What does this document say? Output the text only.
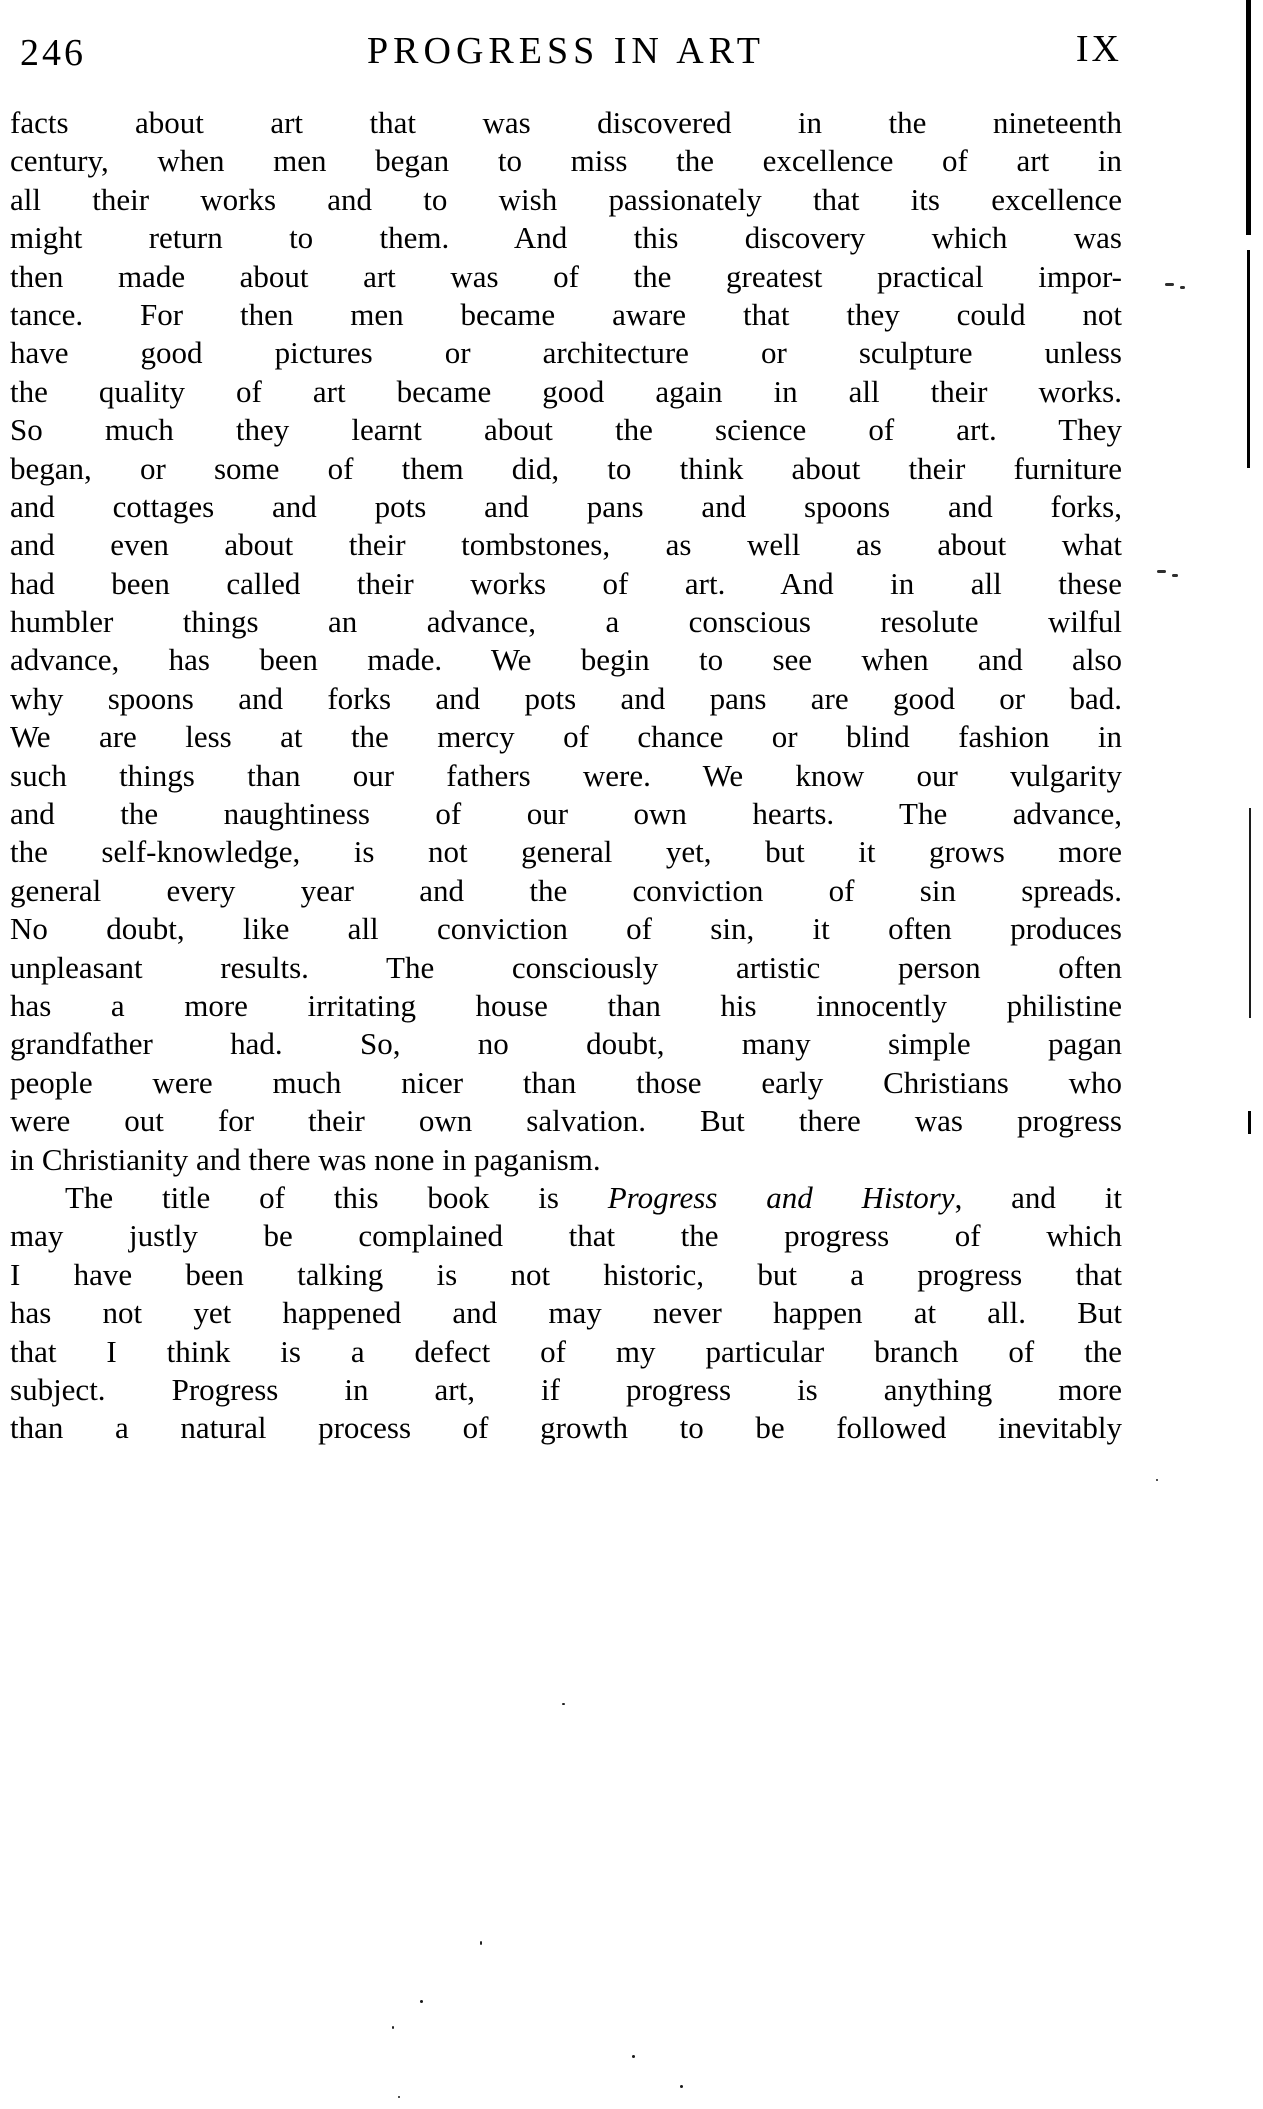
246	PROGRESS IN ART	IX
facts about art that was discovered in the nineteenth
century, when men began to miss the excellence of art in
all their works and to wish passionately that its excellence
might return to them. And this discovery which was
then made about art was of the greatest practical impor-
tance. For then men became aware that they could not
have good pictures or architecture or sculpture unless
the quality of art became good again in all their works.
So much they learnt about the science of art. They
began, or some of them did, to think about their furniture
and cottages and pots and pans and spoons and forks,
and even about their tombstones, as well as about what
had been called their works of art. And in all these
humbler things an advance, a conscious resolute wilful
advance, has been made. We begin to see when and also
why spoons and forks and pots and pans are good or bad.
We are less at the mercy of chance or blind fashion in
such things than our fathers were. We know our vulgarity
and the naughtiness of our own hearts. The advance,
the self-knowledge, is not general yet, but it grows more
general every year and the conviction of sin spreads.
No doubt, like all conviction of sin, it often produces
unpleasant results. The consciously artistic person often
has a more irritating house than his innocently philistine
grandfather had. So, no doubt, many simple pagan
people were much nicer than those early Christians who
were out for their own salvation. But there was progress
in Christianity and there was none in paganism.
The title of this book is Progress and History, and it
may justly be complained that the progress of which
I have been talking is not historic, but a progress that
has not yet happened and may never happen at all. But
that I think is a defect of my particular branch of the
subject. Progress in art, if progress is anything more
than a natural process of growth to be followed inevitably
